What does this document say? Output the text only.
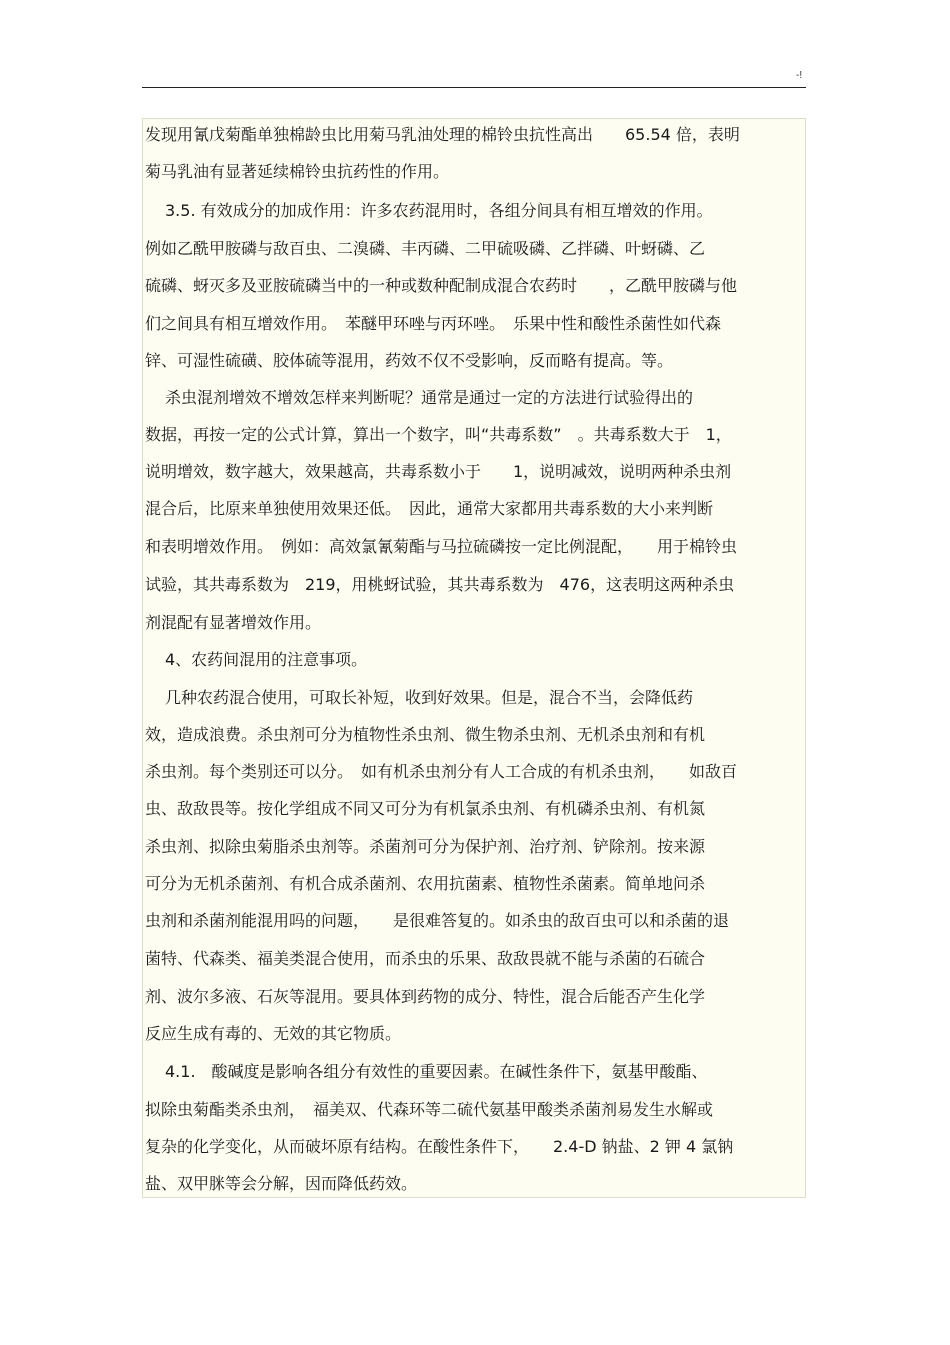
-!
发现用氰戊菊酯单独棉龄虫比用菊马乳油处理的棉铃虫抗性高出　　65.54 倍，表明
菊马乳油有显著延续棉铃虫抗药性的作用。
3.5. 有效成分的加成作用：许多农药混用时，各组分间具有相互增效的作用。
例如乙酰甲胺磷与敌百虫、二溴磷、丰丙磷、二甲硫吸磷、乙拌磷、叶蚜磷、乙
硫磷、蚜灭多及亚胺硫磷当中的一种或数种配制成混合农药时　　，乙酰甲胺磷与他
们之间具有相互增效作用。　苯醚甲环唑与丙环唑。　乐果中性和酸性杀菌性如代森
锌、可湿性硫磺、胶体硫等混用，药效不仅不受影响，反而略有提高。等。
杀虫混剂增效不增效怎样来判断呢？通常是通过一定的方法进行试验得出的
数据，再按一定的公式计算，算出一个数字，叫“共毒系数”　。共毒系数大于　1，
说明增效，数字越大，效果越高，共毒系数小于　　1，说明减效，说明两种杀虫剂
混合后，比原来单独使用效果还低。　因此，通常大家都用共毒系数的大小来判断
和表明增效作用。　例如：高效氯氰菊酯与马拉硫磷按一定比例混配，　　用于棉铃虫
试验，其共毒系数为　219，用桃蚜试验，其共毒系数为　476，这表明这两种杀虫
剂混配有显著增效作用。
4、农药间混用的注意事项。
几种农药混合使用，可取长补短，收到好效果。但是，混合不当，会降低药
效，造成浪费。杀虫剂可分为植物性杀虫剂、微生物杀虫剂、无机杀虫剂和有机
杀虫剂。每个类别还可以分。　如有机杀虫剂分有人工合成的有机杀虫剂，　　如敌百
虫、敌敌畏等。按化学组成不同又可分为有机氯杀虫剂、有机磷杀虫剂、有机氮
杀虫剂、拟除虫菊脂杀虫剂等。杀菌剂可分为保护剂、治疗剂、铲除剂。按来源
可分为无机杀菌剂、有机合成杀菌剂、农用抗菌素、植物性杀菌素。简单地问杀
虫剂和杀菌剂能混用吗的问题，　　是很难答复的。如杀虫的敌百虫可以和杀菌的退
菌特、代森类、福美类混合使用，而杀虫的乐果、敌敌畏就不能与杀菌的石硫合
剂、波尔多液、石灰等混用。要具体到药物的成分、特性，混合后能否产生化学
反应生成有毒的、无效的其它物质。
4.1.　酸碱度是影响各组分有效性的重要因素。在碱性条件下，氨基甲酸酯、
拟除虫菊酯类杀虫剂，　福美双、代森环等二硫代氨基甲酸类杀菌剂易发生水解或
复杂的化学变化，从而破坏原有结构。在酸性条件下，　　2.4-D 钠盐、2 钾 4 氯钠
盐、双甲脒等会分解，因而降低药效。
